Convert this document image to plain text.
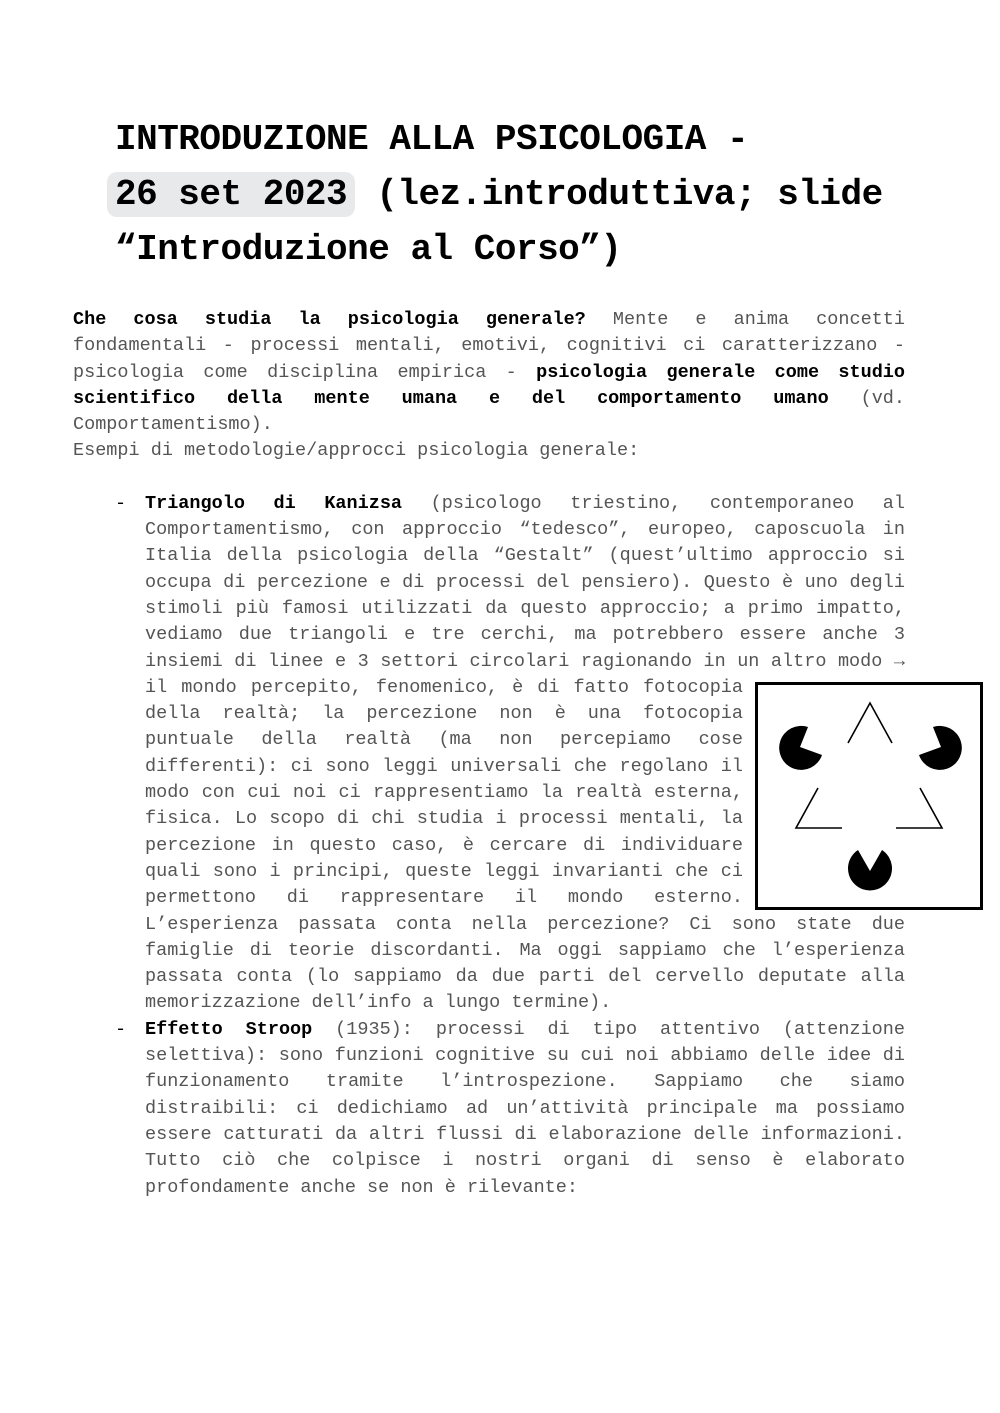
INTRODUZIONE ALLA PSICOLOGIA -
26 set 2023 (lez.introduttiva; slide “Introduzione al Corso”)

Che cosa studia la psicologia generale? Mente e anima concetti fondamentali - processi mentali, emotivi, cognitivi ci caratterizzano - psicologia come disciplina empirica - psicologia generale come studio scientifico della mente umana e del comportamento umano (vd. Comportamentismo).

Esempi di metodologie/approcci psicologia generale:

- Triangolo di Kanizsa (psicologo triestino, contemporaneo al Comportamentismo, con approccio “tedesco”, europeo, caposcuola in Italia della psicologia della “Gestalt” (quest’ultimo approccio si occupa di percezione e di processi del pensiero). Questo è uno degli stimoli più famosi utilizzati da questo approccio; a primo impatto, vediamo due triangoli e tre cerchi, ma potrebbero essere anche 3 insiemi di linee e 3 settori circolari ragionando in un altro modo →
il mondo percepito, fenomenico, è di fatto fotocopia della realtà; la percezione non è una fotocopia puntuale della realtà (ma non percepiamo cose differenti): ci sono leggi universali che regolano il modo con cui noi ci rappresentiamo la realtà esterna, fisica. Lo scopo di chi studia i processi mentali, la percezione in questo caso, è cercare di individuare quali sono i principi, queste leggi invarianti che ci permettono di rappresentare il mondo esterno. L’esperienza passata conta nella percezione? Ci sono state due famiglie di teorie discordanti. Ma oggi sappiamo che l’esperienza passata conta (lo sappiamo da due parti del cervello deputate alla memorizzazione dell’info a lungo termine).
- Effetto Stroop (1935): processi di tipo attentivo (attenzione selettiva): sono funzioni cognitive su cui noi abbiamo delle idee di funzionamento tramite l’introspezione. Sappiamo che siamo distraibili: ci dedichiamo ad un’attività principale ma possiamo essere catturati da altri flussi di elaborazione delle informazioni. Tutto ciò che colpisce i nostri organi di senso è elaborato profondamente anche se non è rilevante:
